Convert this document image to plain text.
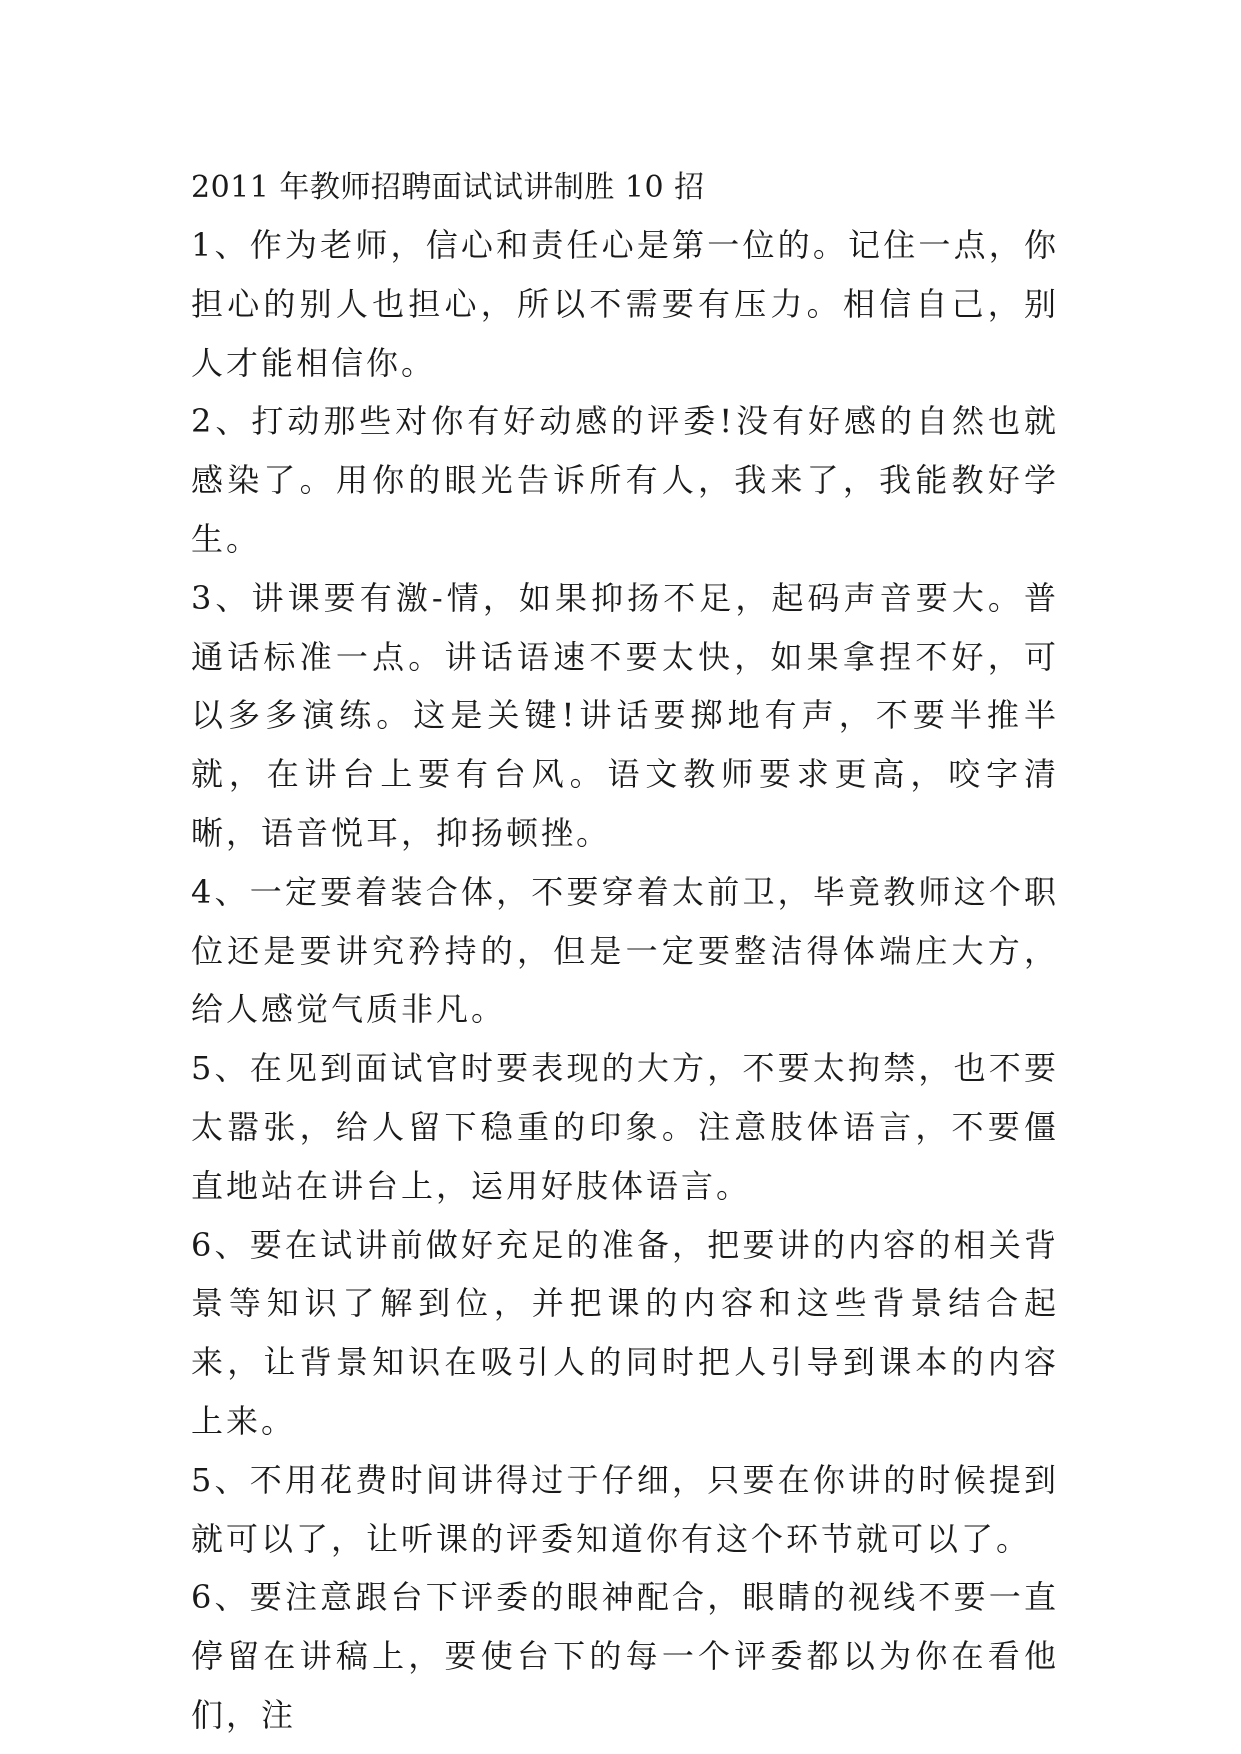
2011 年教师招聘面试试讲制胜 10 招

1、作为老师，信心和责任心是第一位的。记住一点，你担心的别人也担心，所以不需要有压力。相信自己，别人才能相信你。

2、打动那些对你有好动感的评委!没有好感的自然也就感染了。用你的眼光告诉所有人，我来了，我能教好学生。

3、讲课要有激-情，如果抑扬不足，起码声音要大。普通话标准一点。讲话语速不要太快，如果拿捏不好，可以多多演练。这是关键!讲话要掷地有声，不要半推半就，在讲台上要有台风。语文教师要求更高，咬字清晰，语音悦耳，抑扬顿挫。

4、一定要着装合体，不要穿着太前卫，毕竟教师这个职位还是要讲究矜持的，但是一定要整洁得体端庄大方，给人感觉气质非凡。

5、在见到面试官时要表现的大方，不要太拘禁，也不要太嚣张，给人留下稳重的印象。注意肢体语言，不要僵直地站在讲台上，运用好肢体语言。

6、要在试讲前做好充足的准备，把要讲的内容的相关背景等知识了解到位，并把课的内容和这些背景结合起来，让背景知识在吸引人的同时把人引导到课本的内容上来。

5、不用花费时间讲得过于仔细，只要在你讲的时候提到就可以了，让听课的评委知道你有这个环节就可以了。

6、要注意跟台下评委的眼神配合，眼睛的视线不要一直停留在讲稿上，要使台下的每一个评委都以为你在看他们，注
